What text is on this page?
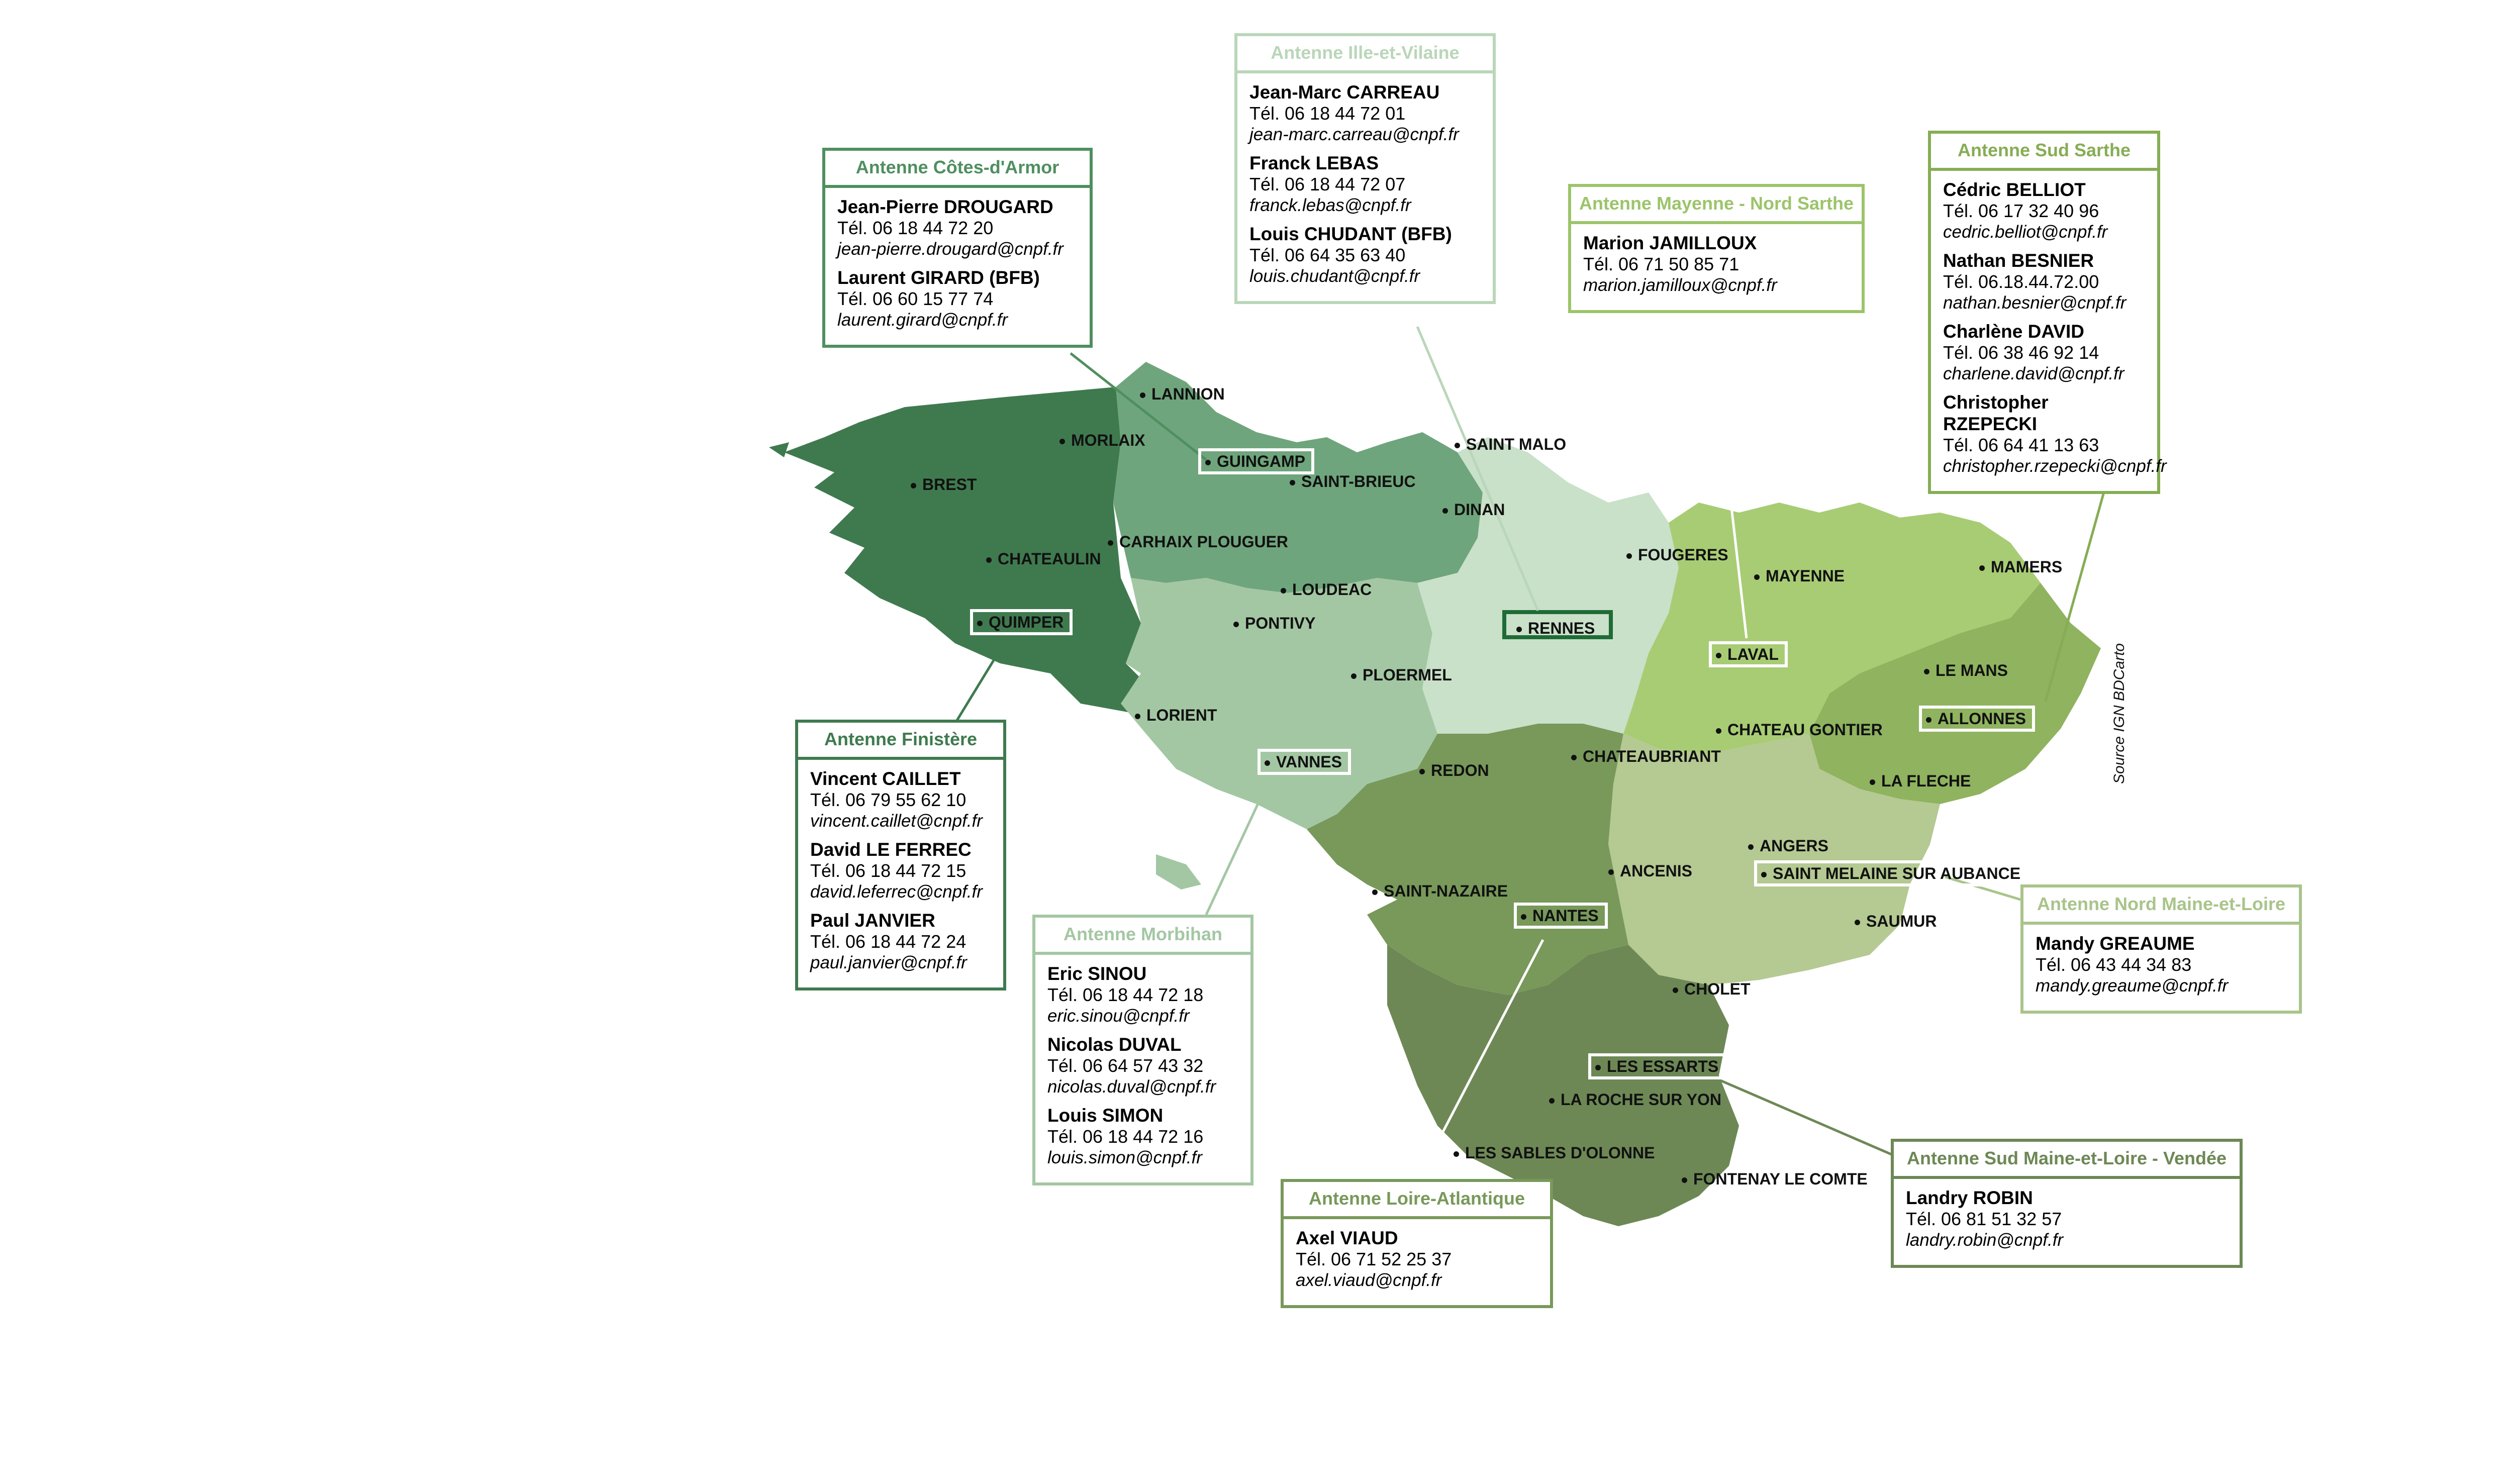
LANNION
MORLAIX
GUINGAMP
SAINT MALO
BREST	SAINT-BRIEUC
DINAN
CARHAIX PLOUGUER
CHATEAULIN	FOUGERES
MAYENNE	MAMERS
LOUDEAC
QUIMPER	PONTIVY	RENNES
LAVAL
PLOERMEL	LE MANS
LORIENT	ALLONNES
CHATEAU GONTIER
VANNES	REDON
CHATEAUBRIANT
LA FLECHE
ANGERS
ANCENIS	SAINT MELAINE SUR AUBANCE
SAINT-NAZAIRE
NANTES	SAUMUR
CHOLET
LES ESSARTS
LA ROCHE SUR YON
LES SABLES D'OLONNE
FONTENAY LE COMTE
Source IGN BDCarto
Antenne Côtes-d'Armor
Jean-Pierre DROUGARD
Tél. 06 18 44 72 20
jean-pierre.drougard@cnpf.fr
Laurent GIRARD (BFB)
Tél. 06 60 15 77 74
laurent.girard@cnpf.fr
Antenne Ille-et-Vilaine
Jean-Marc CARREAU
Tél. 06 18 44 72 01
jean-marc.carreau@cnpf.fr
Franck LEBAS
Tél. 06 18 44 72 07
franck.lebas@cnpf.fr
Louis CHUDANT (BFB)
Tél. 06 64 35 63 40
louis.chudant@cnpf.fr
Antenne Mayenne - Nord Sarthe
Marion JAMILLOUX
Tél. 06 71 50 85 71
marion.jamilloux@cnpf.fr
Antenne Sud Sarthe
Cédric BELLIOT
Tél. 06 17 32 40 96
cedric.belliot@cnpf.fr
Nathan BESNIER
Tél. 06.18.44.72.00
nathan.besnier@cnpf.fr
Charlène DAVID
Tél. 06 38 46 92 14
charlene.david@cnpf.fr
Christopher RZEPECKI
Tél. 06 64 41 13 63
christopher.rzepecki@cnpf.fr
Antenne Finistère
Vincent CAILLET
Tél. 06 79 55 62 10
vincent.caillet@cnpf.fr
David LE FERREC
Tél. 06 18 44 72 15
david.leferrec@cnpf.fr
Paul JANVIER
Tél. 06 18 44 72 24
paul.janvier@cnpf.fr
Antenne Morbihan
Eric SINOU
Tél. 06 18 44 72 18
eric.sinou@cnpf.fr
Nicolas DUVAL
Tél. 06 64 57 43 32
nicolas.duval@cnpf.fr
Louis SIMON
Tél. 06 18 44 72 16
louis.simon@cnpf.fr
Antenne Loire-Atlantique
Axel VIAUD
Tél. 06 71 52 25 37
axel.viaud@cnpf.fr
Antenne Nord Maine-et-Loire
Mandy GREAUME
Tél. 06 43 44 34 83
mandy.greaume@cnpf.fr
Antenne Sud Maine-et-Loire - Vendée
Landry ROBIN
Tél. 06 81 51 32 57
landry.robin@cnpf.fr
